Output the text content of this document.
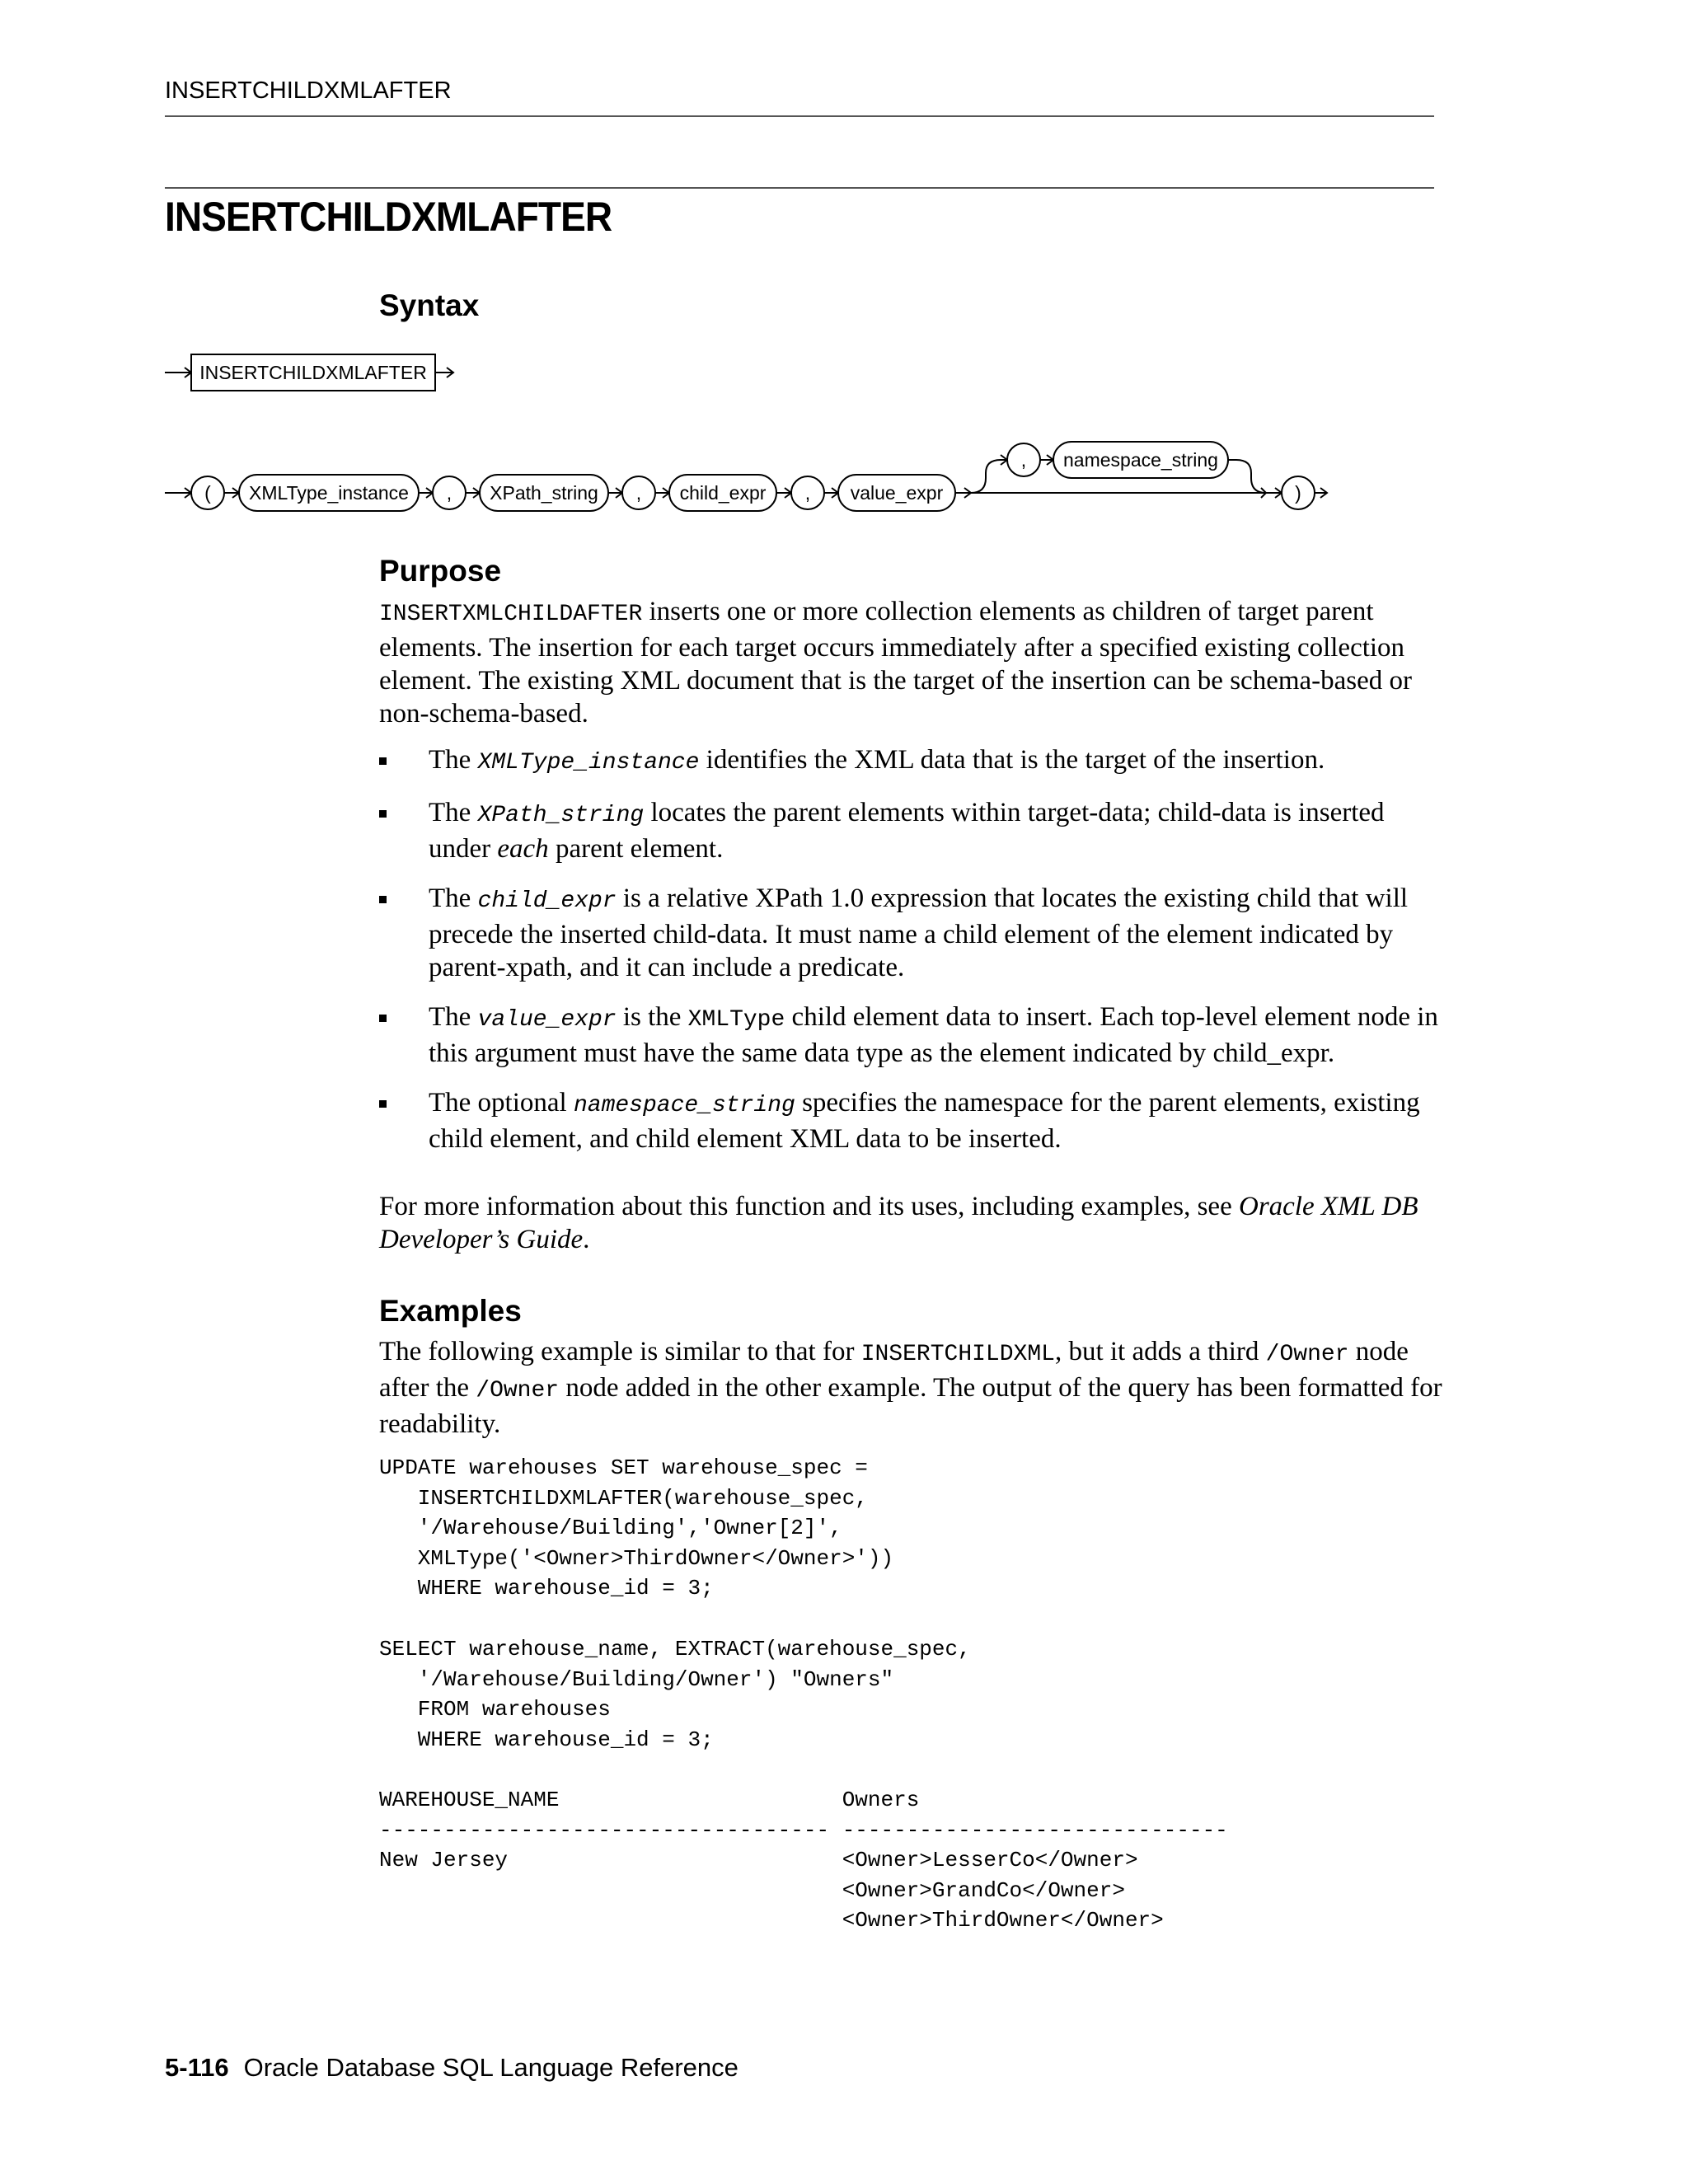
INSERTCHILDXMLAFTER
INSERTCHILDXMLAFTER
Syntax
INSERTCHILDXMLAFTER
( XMLType_instance , XPath_string , child_expr , value_expr
, namespace_string
)
Purpose
INSERTXMLCHILDAFTER inserts one or more collection elements as children of target parent elements. The insertion for each target occurs immediately after a specified existing collection element. The existing XML document that is the target of the insertion can be schema-based or non-schema-based.
The XMLType_instance identifies the XML data that is the target of the insertion.
The XPath_string locates the parent elements within target-data; child-data is inserted under each parent element.
The child_expr is a relative XPath 1.0 expression that locates the existing child that will precede the inserted child-data. It must name a child element of the element indicated by parent-xpath, and it can include a predicate.
The value_expr is the XMLType child element data to insert. Each top-level element node in this argument must have the same data type as the element indicated by child_expr.
The optional namespace_string specifies the namespace for the parent elements, existing child element, and child element XML data to be inserted.
For more information about this function and its uses, including examples, see Oracle XML DB Developer’s Guide.
Examples
The following example is similar to that for INSERTCHILDXML, but it adds a third /Owner node after the /Owner node added in the other example. The output of the query has been formatted for readability.
UPDATE warehouses SET warehouse_spec =
INSERTCHILDXMLAFTER(warehouse_spec,
'/Warehouse/Building','Owner[2]',
XMLType('<Owner>ThirdOwner</Owner>'))
WHERE warehouse_id = 3;
SELECT warehouse_name, EXTRACT(warehouse_spec,
'/Warehouse/Building/Owner') "Owners"
FROM warehouses
WHERE warehouse_id = 3;
WAREHOUSE_NAME                      Owners
----------------------------------- ------------------------------
New Jersey                          <Owner>LesserCo</Owner>
<Owner>GrandCo</Owner>
<Owner>ThirdOwner</Owner>
5-116 Oracle Database SQL Language Reference
